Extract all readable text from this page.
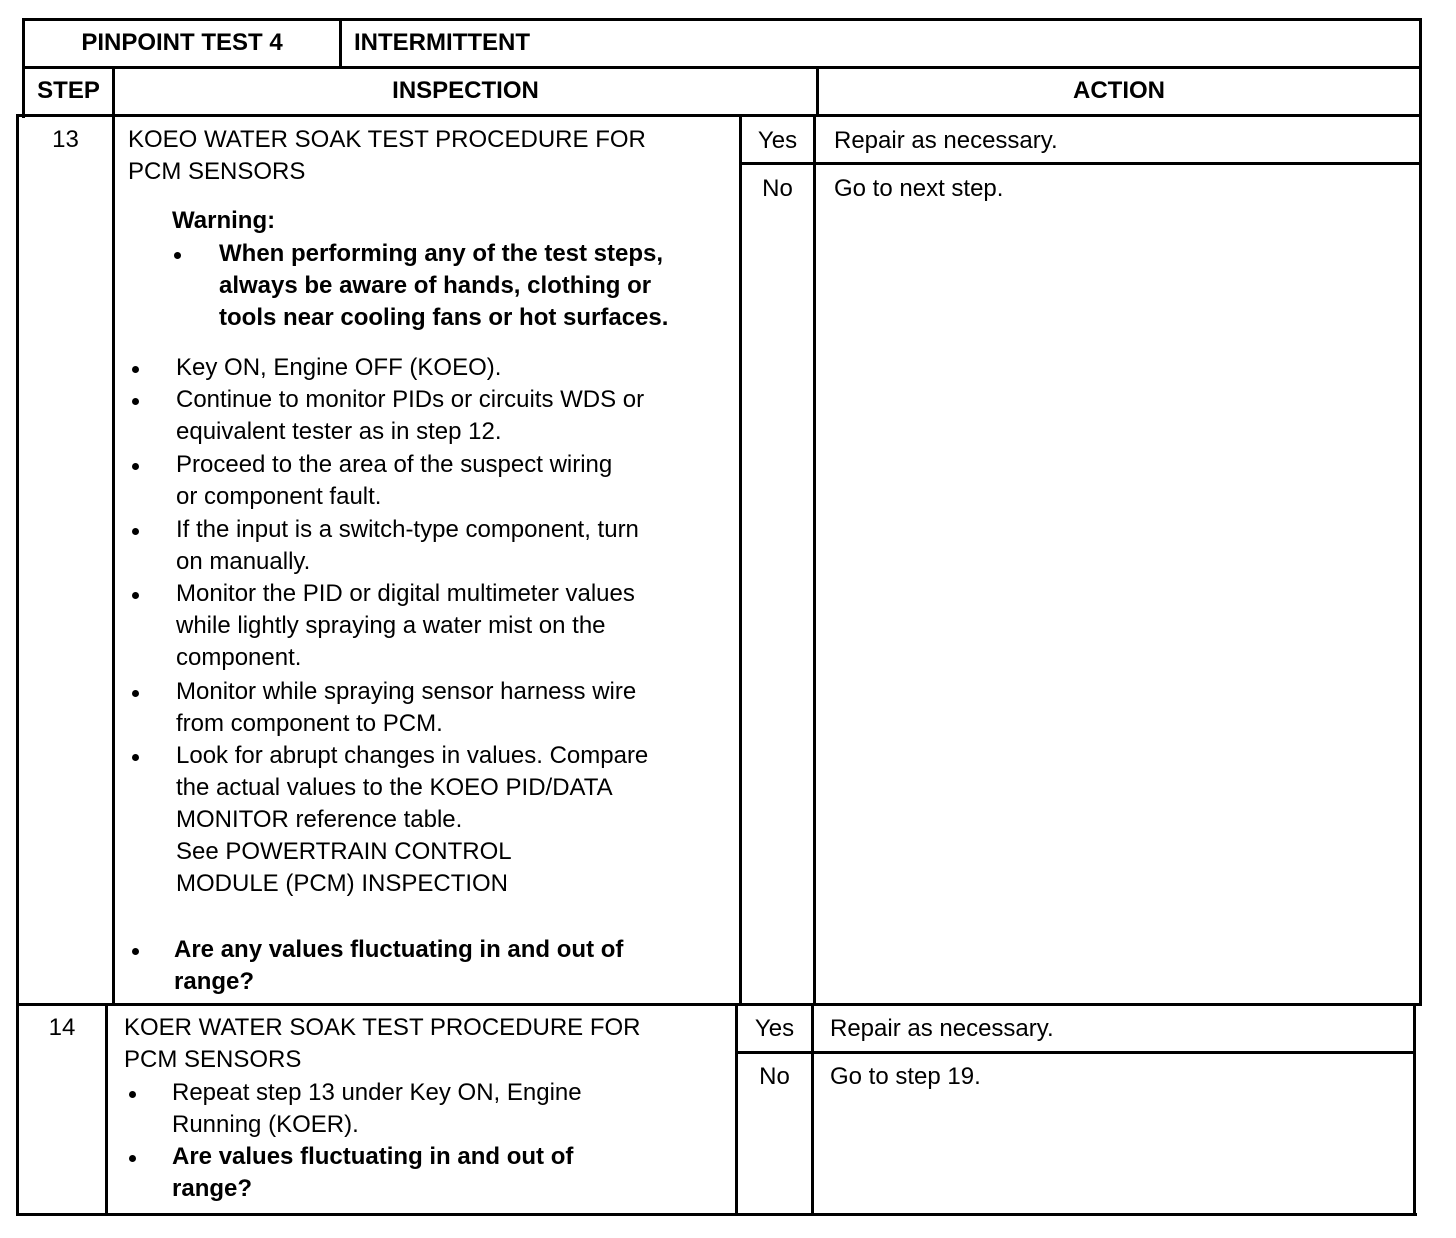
PINPOINT TEST 4	INTERMITTENT
STEP	INSPECTION	ACTION
13	KOEO WATER SOAK TEST PROCEDURE FOR
PCM SENSORS
Warning:
When performing any of the test steps,
always be aware of hands, clothing or
tools near cooling fans or hot surfaces.
Key ON, Engine OFF (KOEO).
Continue to monitor PIDs or circuits WDS or
equivalent tester as in step 12.
Proceed to the area of the suspect wiring
or component fault.
If the input is a switch-type component, turn
on manually.
Monitor the PID or digital multimeter values
while lightly spraying a water mist on the
component.
Monitor while spraying sensor harness wire
from component to PCM.
Look for abrupt changes in values. Compare
the actual values to the KOEO PID/DATA
MONITOR reference table.
See POWERTRAIN CONTROL
MODULE (PCM) INSPECTION
Are any values fluctuating in and out of
range?
Yes	Repair as necessary.
No	Go to next step.
14	KOER WATER SOAK TEST PROCEDURE FOR
PCM SENSORS
Repeat step 13 under Key ON, Engine
Running (KOER).
Are values fluctuating in and out of
range?
Yes	Repair as necessary.
No	Go to step 19.
